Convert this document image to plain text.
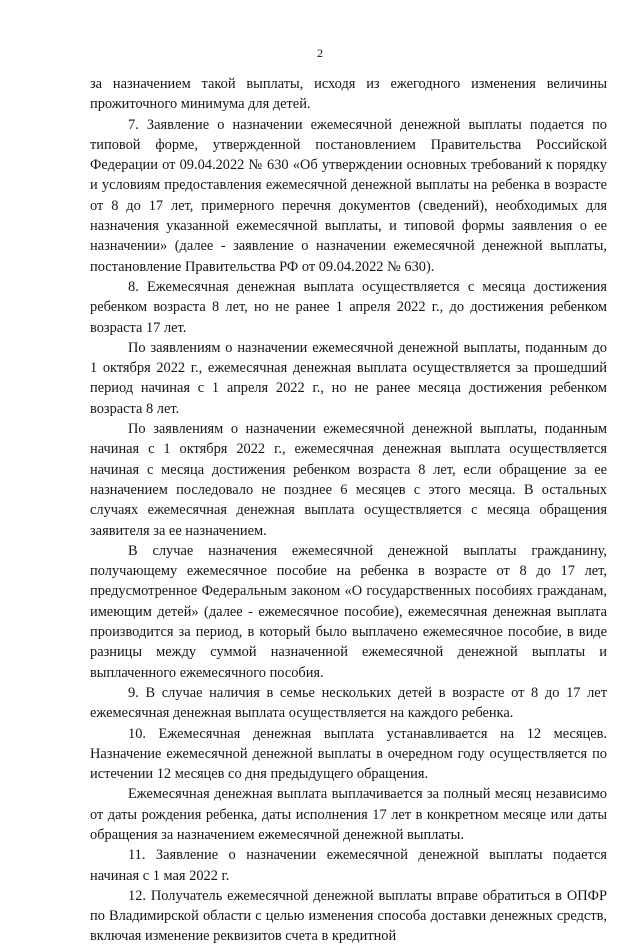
2

за назначением такой выплаты, исходя из ежегодного изменения величины прожиточного минимума для детей.

7. Заявление о назначении ежемесячной денежной выплаты подается по типовой форме, утвержденной постановлением Правительства Российской Федерации от 09.04.2022 № 630 «Об утверждении основных требований к порядку и условиям предоставления ежемесячной денежной выплаты на ребенка в возрасте от 8 до 17 лет, примерного перечня документов (сведений), необходимых для назначения указанной ежемесячной выплаты, и типовой формы заявления о ее назначении» (далее - заявление о назначении ежемесячной денежной выплаты, постановление Правительства РФ от 09.04.2022 № 630).

8. Ежемесячная денежная выплата осуществляется с месяца достижения ребенком возраста 8 лет, но не ранее 1 апреля 2022 г., до достижения ребенком возраста 17 лет.

По заявлениям о назначении ежемесячной денежной выплаты, поданным до 1 октября 2022 г., ежемесячная денежная выплата осуществляется за прошедший период начиная с 1 апреля 2022 г., но не ранее месяца достижения ребенком возраста 8 лет.

По заявлениям о назначении ежемесячной денежной выплаты, поданным начиная с 1 октября 2022 г., ежемесячная денежная выплата осуществляется начиная с месяца достижения ребенком возраста 8 лет, если обращение за ее назначением последовало не позднее 6 месяцев с этого месяца. В остальных случаях ежемесячная денежная выплата осуществляется с месяца обращения заявителя за ее назначением.

В случае назначения ежемесячной денежной выплаты гражданину, получающему ежемесячное пособие на ребенка в возрасте от 8 до 17 лет, предусмотренное Федеральным законом «О государственных пособиях гражданам, имеющим детей» (далее - ежемесячное пособие), ежемесячная денежная выплата производится за период, в который было выплачено ежемесячное пособие, в виде разницы между суммой назначенной ежемесячной денежной выплаты и выплаченного ежемесячного пособия.

9. В случае наличия в семье нескольких детей в возрасте от 8 до 17 лет ежемесячная денежная выплата осуществляется на каждого ребенка.

10. Ежемесячная денежная выплата устанавливается на 12 месяцев. Назначение ежемесячной денежной выплаты в очередном году осуществляется по истечении 12 месяцев со дня предыдущего обращения.

Ежемесячная денежная выплата выплачивается за полный месяц независимо от даты рождения ребенка, даты исполнения 17 лет в конкретном месяце или даты обращения за назначением ежемесячной денежной выплаты.

11. Заявление о назначении ежемесячной денежной выплаты подается начиная с 1 мая 2022 г.

12. Получатель ежемесячной денежной выплаты вправе обратиться в ОПФР по Владимирской области с целью изменения способа доставки денежных средств, включая изменение реквизитов счета в кредитной
